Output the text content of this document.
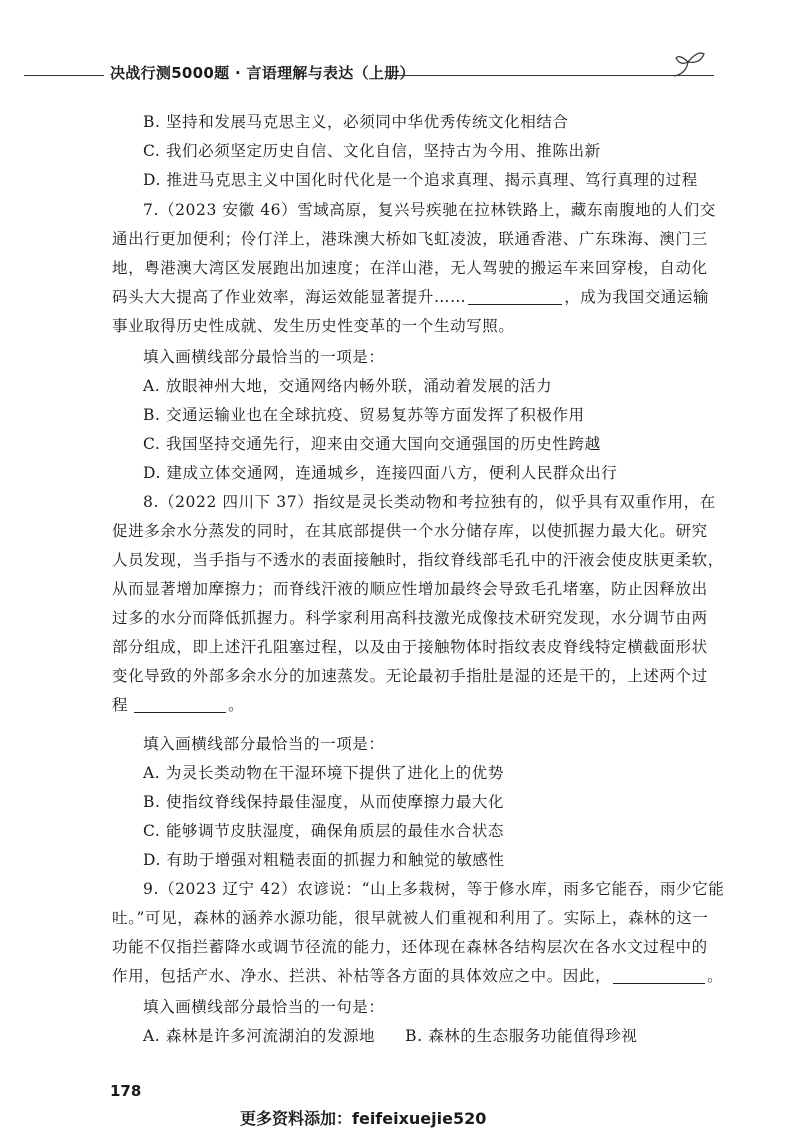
决战行测5000题 · 言语理解与表达（上册）
B. 坚持和发展马克思主义，必须同中华优秀传统文化相结合
C. 我们必须坚定历史自信、文化自信，坚持古为今用、推陈出新
D. 推进马克思主义中国化时代化是一个追求真理、揭示真理、笃行真理的过程
7.（2023 安徽 46）雪域高原，复兴号疾驰在拉林铁路上，藏东南腹地的人们交
通出行更加便利；伶仃洋上，港珠澳大桥如飞虹凌波，联通香港、广东珠海、澳门三
地，粤港澳大湾区发展跑出加速度；在洋山港，无人驾驶的搬运车来回穿梭，自动化
码头大大提高了作业效率，海运效能显著提升……	，成为我国交通运输
事业取得历史性成就、发生历史性变革的一个生动写照。
填入画横线部分最恰当的一项是：
A. 放眼神州大地，交通网络内畅外联，涌动着发展的活力
B. 交通运输业也在全球抗疫、贸易复苏等方面发挥了积极作用
C. 我国坚持交通先行，迎来由交通大国向交通强国的历史性跨越
D. 建成立体交通网，连通城乡，连接四面八方，便利人民群众出行
8.（2022 四川下 37）指纹是灵长类动物和考拉独有的，似乎具有双重作用，在
促进多余水分蒸发的同时，在其底部提供一个水分储存库，以使抓握力最大化。研究
人员发现，当手指与不透水的表面接触时，指纹脊线部毛孔中的汗液会使皮肤更柔软，
从而显著增加摩擦力；而脊线汗液的顺应性增加最终会导致毛孔堵塞，防止因释放出
过多的水分而降低抓握力。科学家利用高科技激光成像技术研究发现，水分调节由两
部分组成，即上述汗孔阻塞过程，以及由于接触物体时指纹表皮脊线特定横截面形状
变化导致的外部多余水分的加速蒸发。无论最初手指肚是湿的还是干的，上述两个过
程	。
填入画横线部分最恰当的一项是：
A. 为灵长类动物在干湿环境下提供了进化上的优势
B. 使指纹脊线保持最佳湿度，从而使摩擦力最大化
C. 能够调节皮肤湿度，确保角质层的最佳水合状态
D. 有助于增强对粗糙表面的抓握力和触觉的敏感性
9.（2023 辽宁 42）农谚说：“山上多栽树，等于修水库，雨多它能吞，雨少它能
吐。”可见，森林的涵养水源功能，很早就被人们重视和利用了。实际上，森林的这一
功能不仅指拦蓄降水或调节径流的能力，还体现在森林各结构层次在各水文过程中的
作用，包括产水、净水、拦洪、补枯等各方面的具体效应之中。因此，	。
填入画横线部分最恰当的一句是：
A. 森林是许多河流湖泊的发源地 B. 森林的生态服务功能值得珍视
178
更多资料添加：feifeixuejie520
